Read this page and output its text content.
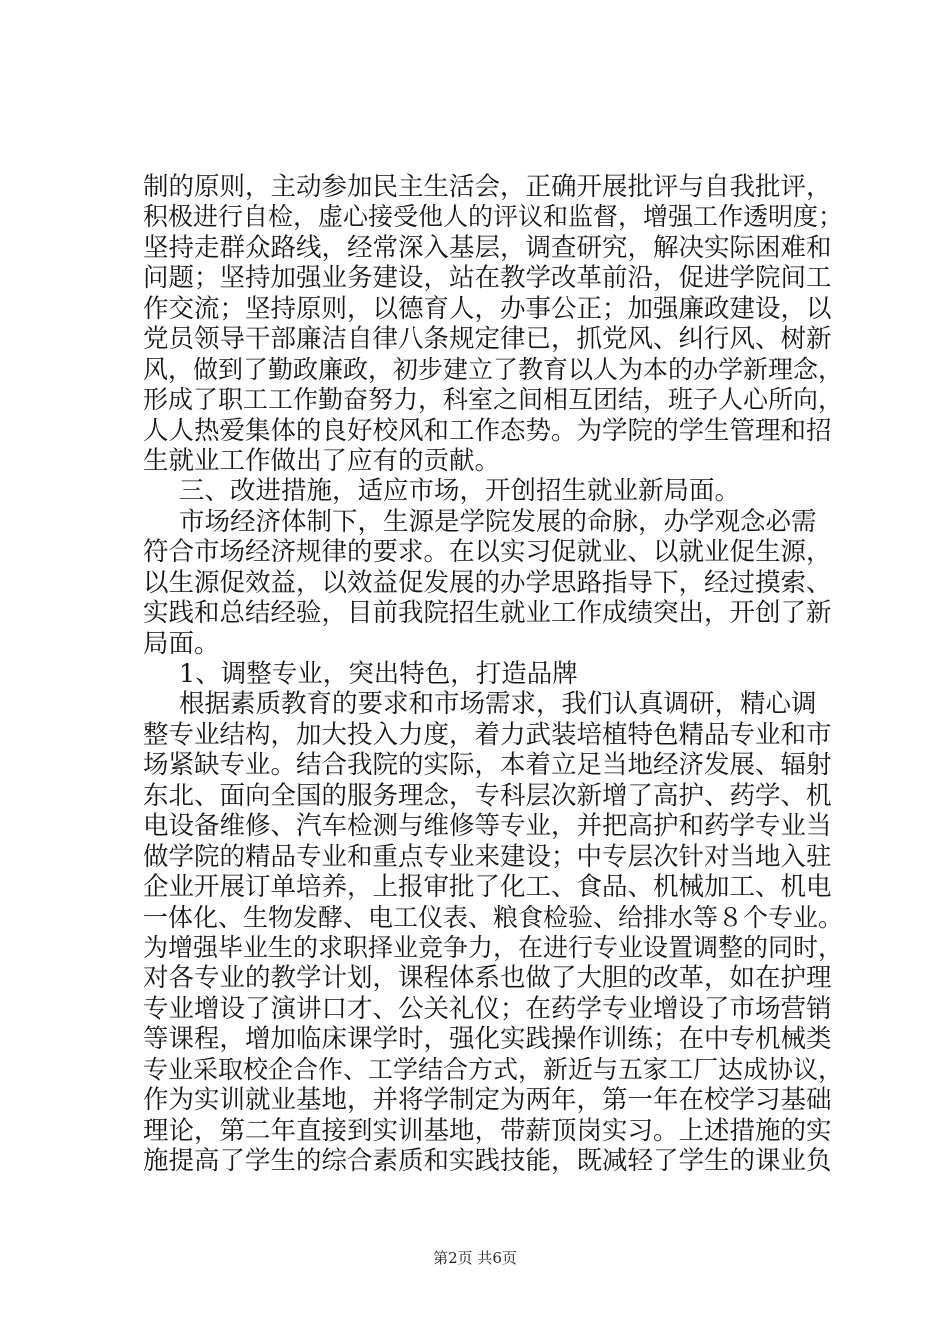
制的原则，主动参加民主生活会，正确开展批评与自我批评，
积极进行自检，虚心接受他人的评议和监督，增强工作透明度；
坚持走群众路线，经常深入基层，调查研究，解决实际困难和
问题；坚持加强业务建设，站在教学改革前沿，促进学院间工
作交流；坚持原则，以德育人，办事公正；加强廉政建设，以
党员领导干部廉洁自律八条规定律已，抓党风、纠行风、树新
风，做到了勤政廉政，初步建立了教育以人为本的办学新理念，
形成了职工工作勤奋努力，科室之间相互团结，班子人心所向，
人人热爱集体的良好校风和工作态势。为学院的学生管理和招
生就业工作做出了应有的贡献。
三、改进措施，适应市场，开创招生就业新局面。
市场经济体制下，生源是学院发展的命脉，办学观念必需
符合市场经济规律的要求。在以实习促就业、以就业促生源，
以生源促效益，以效益促发展的办学思路指导下，经过摸索、
实践和总结经验，目前我院招生就业工作成绩突出，开创了新
局面。
1、调整专业，突出特色，打造品牌
根据素质教育的要求和市场需求，我们认真调研，精心调
整专业结构，加大投入力度，着力武装培植特色精品专业和市
场紧缺专业。结合我院的实际，本着立足当地经济发展、辐射
东北、面向全国的服务理念，专科层次新增了高护、药学、机
电设备维修、汽车检测与维修等专业，并把高护和药学专业当
做学院的精品专业和重点专业来建设；中专层次针对当地入驻
企业开展订单培养，上报审批了化工、食品、机械加工、机电
一体化、生物发酵、电工仪表、粮食检验、给排水等８个专业。
为增强毕业生的求职择业竞争力，在进行专业设置调整的同时，
对各专业的教学计划，课程体系也做了大胆的改革，如在护理
专业增设了演讲口才、公关礼仪；在药学专业增设了市场营销
等课程，增加临床课学时，强化实践操作训练；在中专机械类
专业采取校企合作、工学结合方式，新近与五家工厂达成协议，
作为实训就业基地，并将学制定为两年，第一年在校学习基础
理论，第二年直接到实训基地，带薪顶岗实习。上述措施的实
施提高了学生的综合素质和实践技能，既减轻了学生的课业负
第2页 共6页
